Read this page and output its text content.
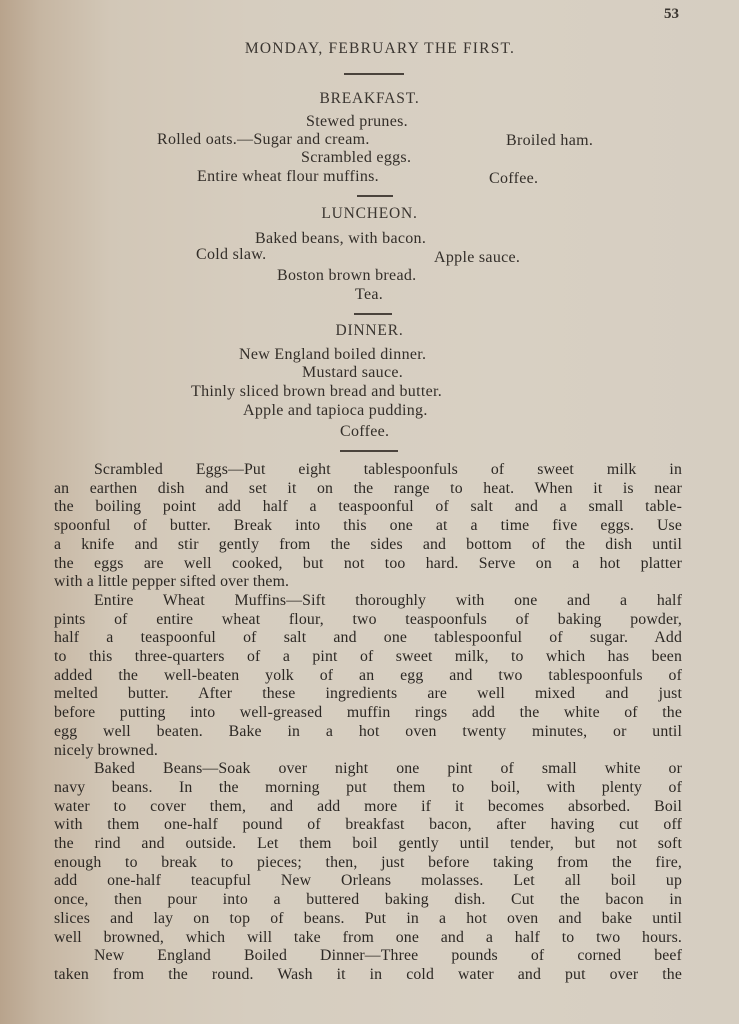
53
MONDAY, FEBRUARY THE FIRST.
BREAKFAST.
Stewed prunes.
Rolled oats.—Sugar and cream.	Broiled ham.
Scrambled eggs.
Entire wheat flour muffins.	Coffee.
LUNCHEON.
Baked beans, with bacon.
Cold slaw.	Apple sauce.
Boston brown bread.
Tea.
DINNER.
New England boiled dinner.
Mustard sauce.
Thinly sliced brown bread and butter.
Apple and tapioca pudding.
Coffee.
Scrambled Eggs—Put eight tablespoonfuls of sweet milk in
an earthen dish and set it on the range to heat. When it is near
the boiling point add half a teaspoonful of salt and a small table-
spoonful of butter. Break into this one at a time five eggs. Use
a knife and stir gently from the sides and bottom of the dish until
the eggs are well cooked, but not too hard. Serve on a hot platter
with a little pepper sifted over them.
Entire Wheat Muffins—Sift thoroughly with one and a half
pints of entire wheat flour, two teaspoonfuls of baking powder,
half a teaspoonful of salt and one tablespoonful of sugar. Add
to this three-quarters of a pint of sweet milk, to which has been
added the well-beaten yolk of an egg and two tablespoonfuls of
melted butter. After these ingredients are well mixed and just
before putting into well-greased muffin rings add the white of the
egg well beaten. Bake in a hot oven twenty minutes, or until
nicely browned.
Baked Beans—Soak over night one pint of small white or
navy beans. In the morning put them to boil, with plenty of
water to cover them, and add more if it becomes absorbed. Boil
with them one-half pound of breakfast bacon, after having cut off
the rind and outside. Let them boil gently until tender, but not soft
enough to break to pieces; then, just before taking from the fire,
add one-half teacupful New Orleans molasses. Let all boil up
once, then pour into a buttered baking dish. Cut the bacon in
slices and lay on top of beans. Put in a hot oven and bake until
well browned, which will take from one and a half to two hours.
New England Boiled Dinner—Three pounds of corned beef
taken from the round. Wash it in cold water and put over the
